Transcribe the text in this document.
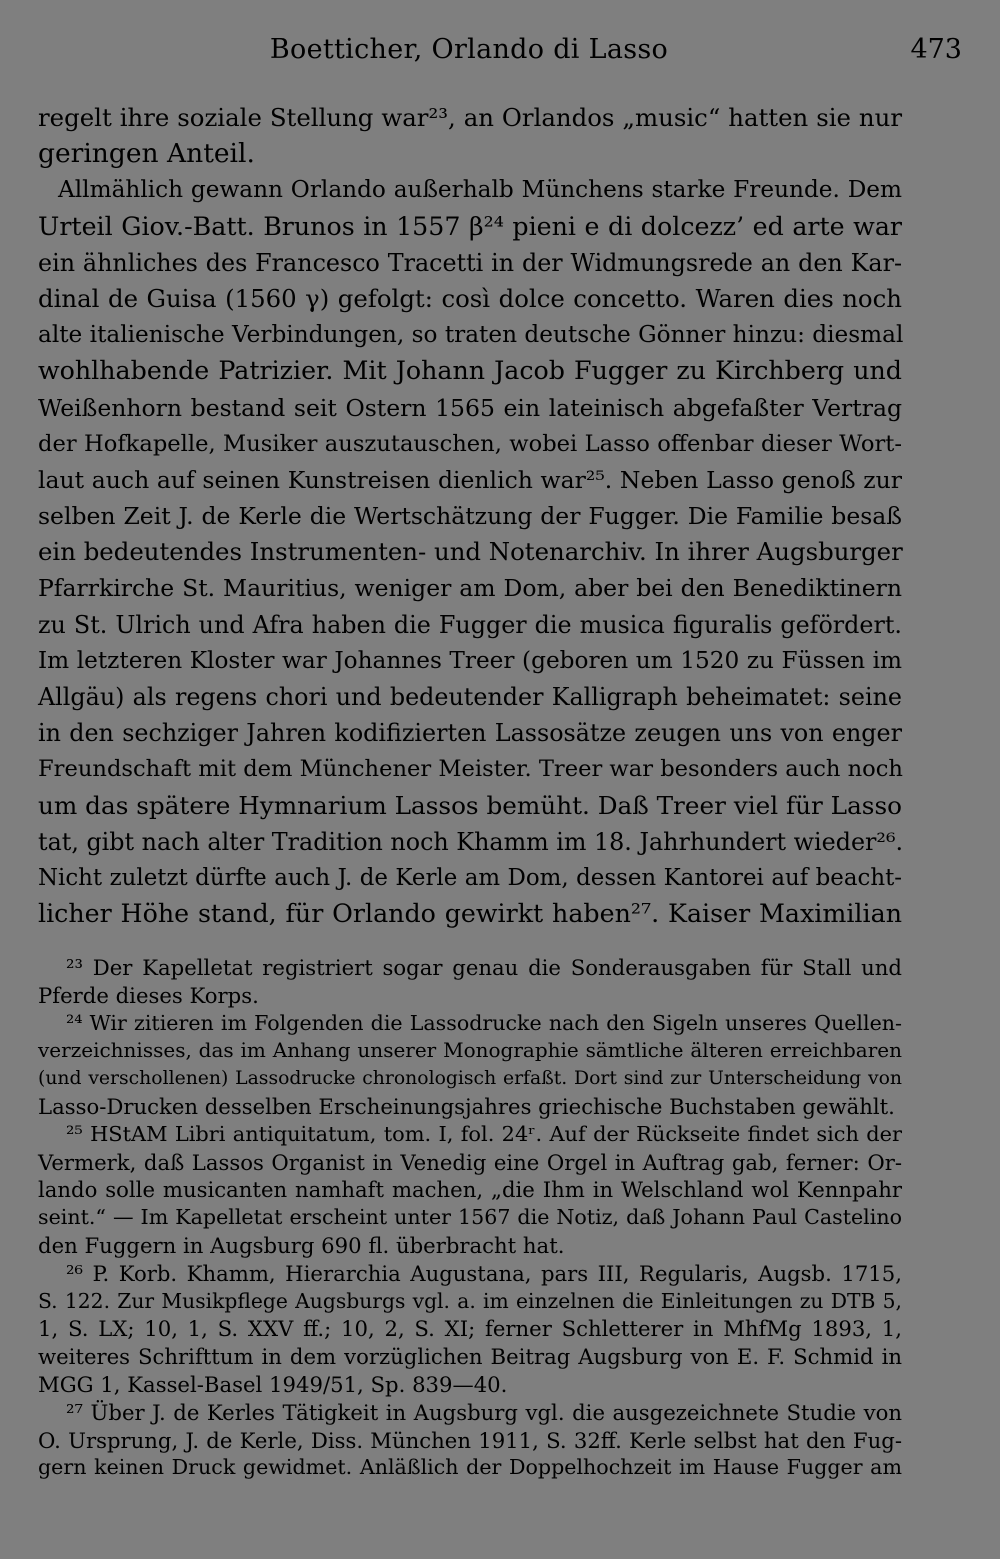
Boetticher, Orlando di Lasso	473
regelt ihre soziale Stellung war²³, an Orlandos „music“ hatten sie nur
geringen Anteil.
Allmählich gewann Orlando außerhalb Münchens starke Freunde. Dem
Urteil Giov.-Batt. Brunos in 1557 β²⁴ pieni e di dolcezz’ ed arte war
ein ähnliches des Francesco Tracetti in der Widmungsrede an den Kar-
dinal de Guisa (1560 γ) gefolgt: così dolce concetto. Waren dies noch
alte italienische Verbindungen, so traten deutsche Gönner hinzu: diesmal
wohlhabende Patrizier. Mit Johann Jacob Fugger zu Kirchberg und
Weißenhorn bestand seit Ostern 1565 ein lateinisch abgefaßter Vertrag
der Hofkapelle, Musiker auszutauschen, wobei Lasso offenbar dieser Wort-
laut auch auf seinen Kunstreisen dienlich war²⁵. Neben Lasso genoß zur
selben Zeit J. de Kerle die Wertschätzung der Fugger. Die Familie besaß
ein bedeutendes Instrumenten- und Notenarchiv. In ihrer Augsburger
Pfarrkirche St. Mauritius, weniger am Dom, aber bei den Benediktinern
zu St. Ulrich und Afra haben die Fugger die musica figuralis gefördert.
Im letzteren Kloster war Johannes Treer (geboren um 1520 zu Füssen im
Allgäu) als regens chori und bedeutender Kalligraph beheimatet: seine
in den sechziger Jahren kodifizierten Lassosätze zeugen uns von enger
Freundschaft mit dem Münchener Meister. Treer war besonders auch noch
um das spätere Hymnarium Lassos bemüht. Daß Treer viel für Lasso
tat, gibt nach alter Tradition noch Khamm im 18. Jahrhundert wieder²⁶.
Nicht zuletzt dürfte auch J. de Kerle am Dom, dessen Kantorei auf beacht-
licher Höhe stand, für Orlando gewirkt haben²⁷. Kaiser Maximilian
²³ Der Kapelletat registriert sogar genau die Sonderausgaben für Stall und
Pferde dieses Korps.
²⁴ Wir zitieren im Folgenden die Lassodrucke nach den Sigeln unseres Quellen-
verzeichnisses, das im Anhang unserer Monographie sämtliche älteren erreichbaren
(und verschollenen) Lassodrucke chronologisch erfaßt. Dort sind zur Unterscheidung von
Lasso-Drucken desselben Erscheinungsjahres griechische Buchstaben gewählt.
²⁵ HStAM Libri antiquitatum, tom. I, fol. 24ʳ. Auf der Rückseite findet sich der
Vermerk, daß Lassos Organist in Venedig eine Orgel in Auftrag gab, ferner: Or-
lando solle musicanten namhaft machen, „die Ihm in Welschland wol Kennpahr
seint.“ — Im Kapelletat erscheint unter 1567 die Notiz, daß Johann Paul Castelino
den Fuggern in Augsburg 690 fl. überbracht hat.
²⁶ P. Korb. Khamm, Hierarchia Augustana, pars III, Regularis, Augsb. 1715,
S. 122. Zur Musikpflege Augsburgs vgl. a. im einzelnen die Einleitungen zu DTB 5,
1, S. LX; 10, 1, S. XXV ff.; 10, 2, S. XI; ferner Schletterer in MhfMg 1893, 1,
weiteres Schrifttum in dem vorzüglichen Beitrag Augsburg von E. F. Schmid in
MGG 1, Kassel-Basel 1949/51, Sp. 839—40.
²⁷ Über J. de Kerles Tätigkeit in Augsburg vgl. die ausgezeichnete Studie von
O. Ursprung, J. de Kerle, Diss. München 1911, S. 32ff. Kerle selbst hat den Fug-
gern keinen Druck gewidmet. Anläßlich der Doppelhochzeit im Hause Fugger am
